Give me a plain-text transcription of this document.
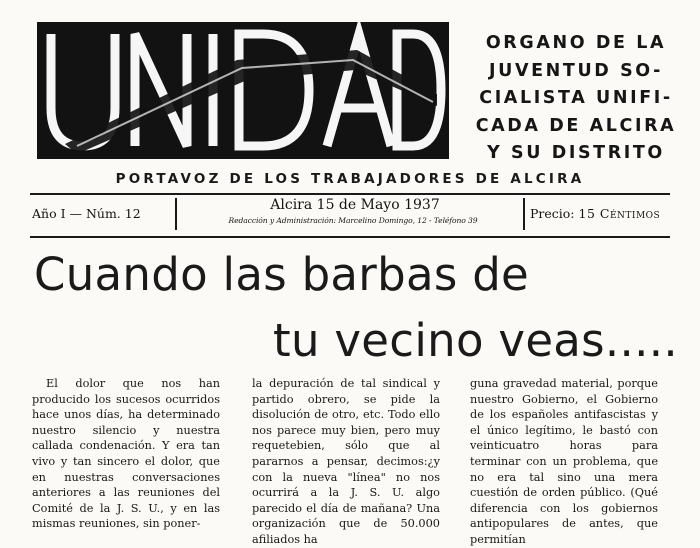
ORGANO DE LA
JUVENTUD SO-
CIALISTA UNIFI-
CADA DE ALCIRA
Y SU DISTRITO
PORTAVOZ DE LOS TRABAJADORES DE ALCIRA
Año I — Núm. 12
Alcira 15 de Mayo 1937
Redacción y Administración: Marcelino Domingo, 12 - Teléfono 39	Precio: 15 Céntimos
Cuando las barbas de
tu vecino veas.....

El dolor que nos han producido los sucesos ocurridos hace unos días, ha determinado nuestro silencio y nuestra callada condenación. Y era tan vivo y tan sincero el dolor, que en nuestras conversaciones anteriores a las reuniones del Comité de la J. S. U., y en las mismas reuniones, sin poner-

la depuración de tal sindical y partido obrero, se pide la disolución de otro, etc. Todo ello nos parece muy bien, pero muy requetebien, sólo que al pararnos a pensar, decimos:¿y con la nueva "línea" no nos ocurrirá a la J. S. U. algo parecido el día de mañana? Una organización que de 50.000 afiliados ha

guna gravedad material, porque nuestro Gobierno, el Gobierno de los españoles antifascistas y el único legítimo, le bastó con veinticuatro horas para terminar con un problema, que no era tal sino una mera cuestión de orden público. (Qué diferencia con los gobiernos antipopulares de antes, que permitían
